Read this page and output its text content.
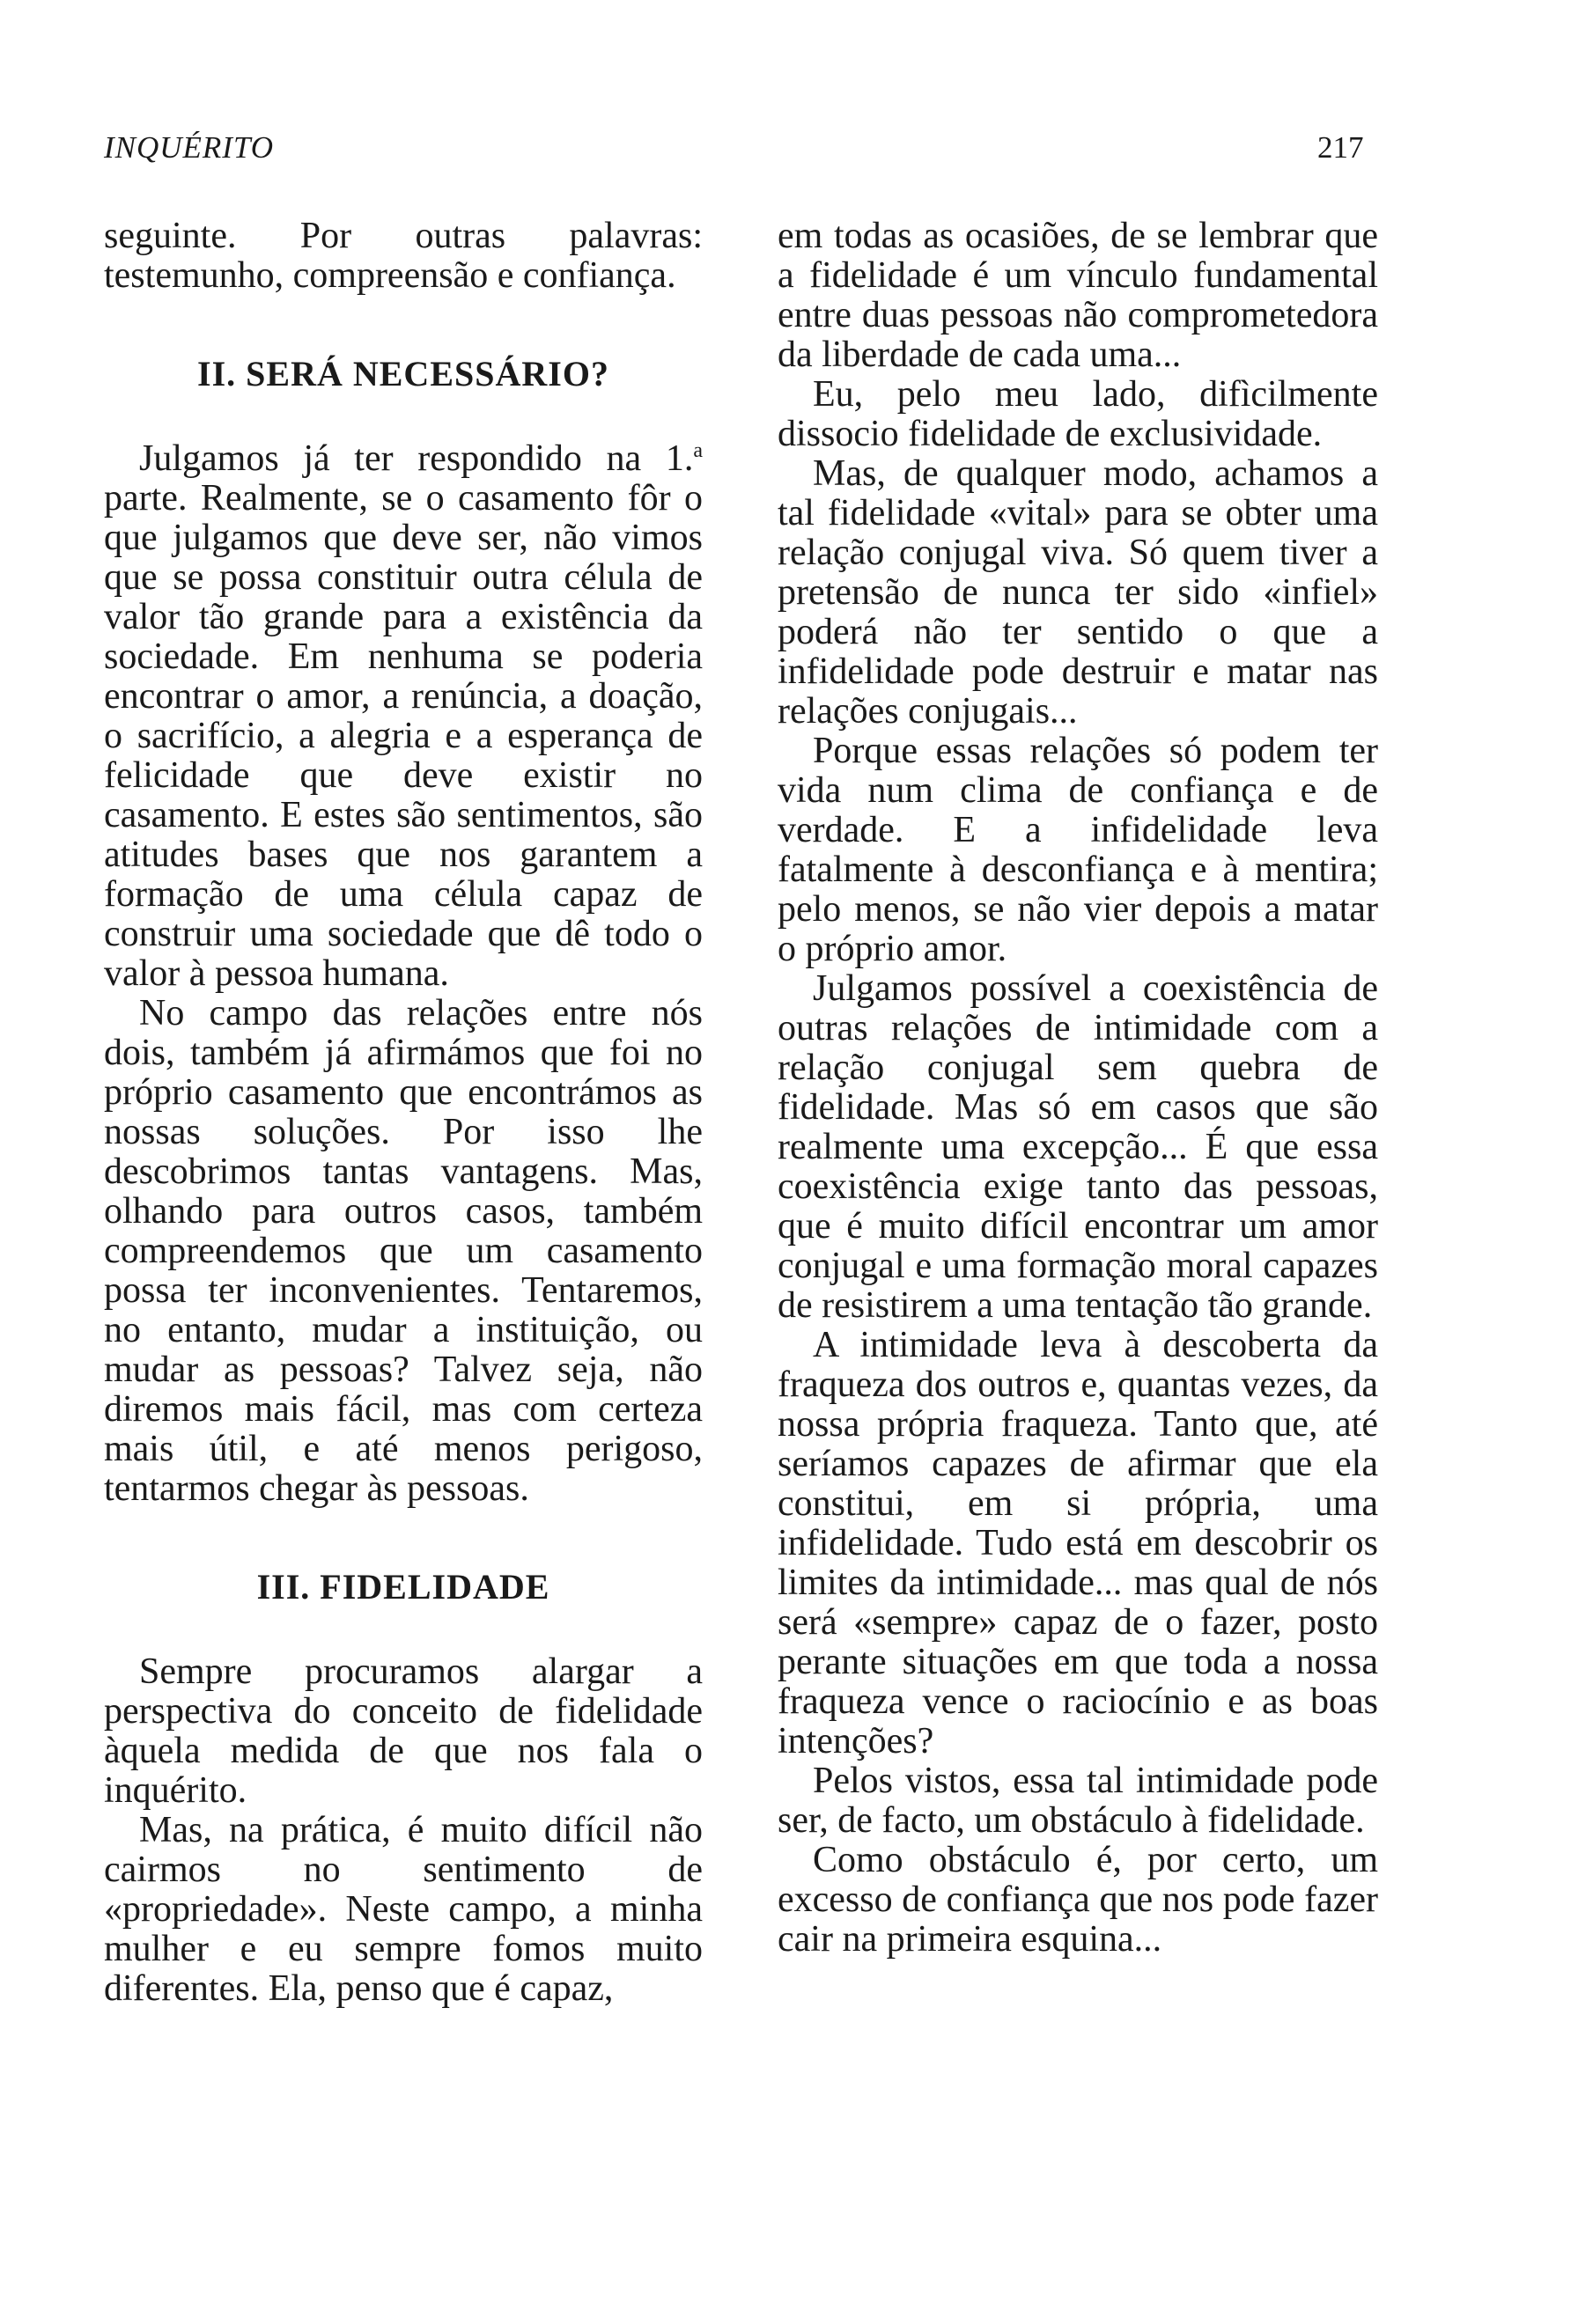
INQUÉRITO	217

seguinte. Por outras palavras: testemunho, compreensão e confiança.

II. SERÁ NECESSÁRIO?

Julgamos já ter respondido na 1.$^a$ parte. Realmente, se o casamento fôr o que julgamos que deve ser, não vimos que se possa constituir outra célula de valor tão grande para a existência da sociedade. Em nenhuma se poderia encontrar o amor, a renúncia, a doação, o sacrifício, a alegria e a esperança de felicidade que deve existir no casamento. E estes são sentimentos, são atitudes bases que nos garantem a formação de uma célula capaz de construir uma sociedade que dê todo o valor à pessoa humana.

No campo das relações entre nós dois, também já afirmámos que foi no próprio casamento que encontrámos as nossas soluções. Por isso lhe descobrimos tantas vantagens. Mas, olhando para outros casos, também compreendemos que um casamento possa ter inconvenientes. Tentaremos, no entanto, mudar a instituição, ou mudar as pessoas? Talvez seja, não diremos mais fácil, mas com certeza mais útil, e até menos perigoso, tentarmos chegar às pessoas.

III. FIDELIDADE

Sempre procuramos alargar a perspectiva do conceito de fidelidade àquela medida de que nos fala o inquérito.

Mas, na prática, é muito difícil não cairmos no sentimento de «propriedade». Neste campo, a minha mulher e eu sempre fomos muito diferentes. Ela, penso que é capaz,

em todas as ocasiões, de se lembrar que a fidelidade é um vínculo fundamental entre duas pessoas não comprometedora da liberdade de cada uma...

Eu, pelo meu lado, difìcilmente dissocio fidelidade de exclusividade.

Mas, de qualquer modo, achamos a tal fidelidade «vital» para se obter uma relação conjugal viva. Só quem tiver a pretensão de nunca ter sido «infiel» poderá não ter sentido o que a infidelidade pode destruir e matar nas relações conjugais...

Porque essas relações só podem ter vida num clima de confiança e de verdade. E a infidelidade leva fatalmente à desconfiança e à mentira; pelo menos, se não vier depois a matar o próprio amor.

Julgamos possível a coexistência de outras relações de intimidade com a relação conjugal sem quebra de fidelidade. Mas só em casos que são realmente uma excepção... É que essa coexistência exige tanto das pessoas, que é muito difícil encontrar um amor conjugal e uma formação moral capazes de resistirem a uma tentação tão grande.

A intimidade leva à descoberta da fraqueza dos outros e, quantas vezes, da nossa própria fraqueza. Tanto que, até seríamos capazes de afirmar que ela constitui, em si própria, uma infidelidade. Tudo está em descobrir os limites da intimidade... mas qual de nós será «sempre» capaz de o fazer, posto perante situações em que toda a nossa fraqueza vence o raciocínio e as boas intenções?

Pelos vistos, essa tal intimidade pode ser, de facto, um obstáculo à fidelidade.

Como obstáculo é, por certo, um excesso de confiança que nos pode fazer cair na primeira esquina...
